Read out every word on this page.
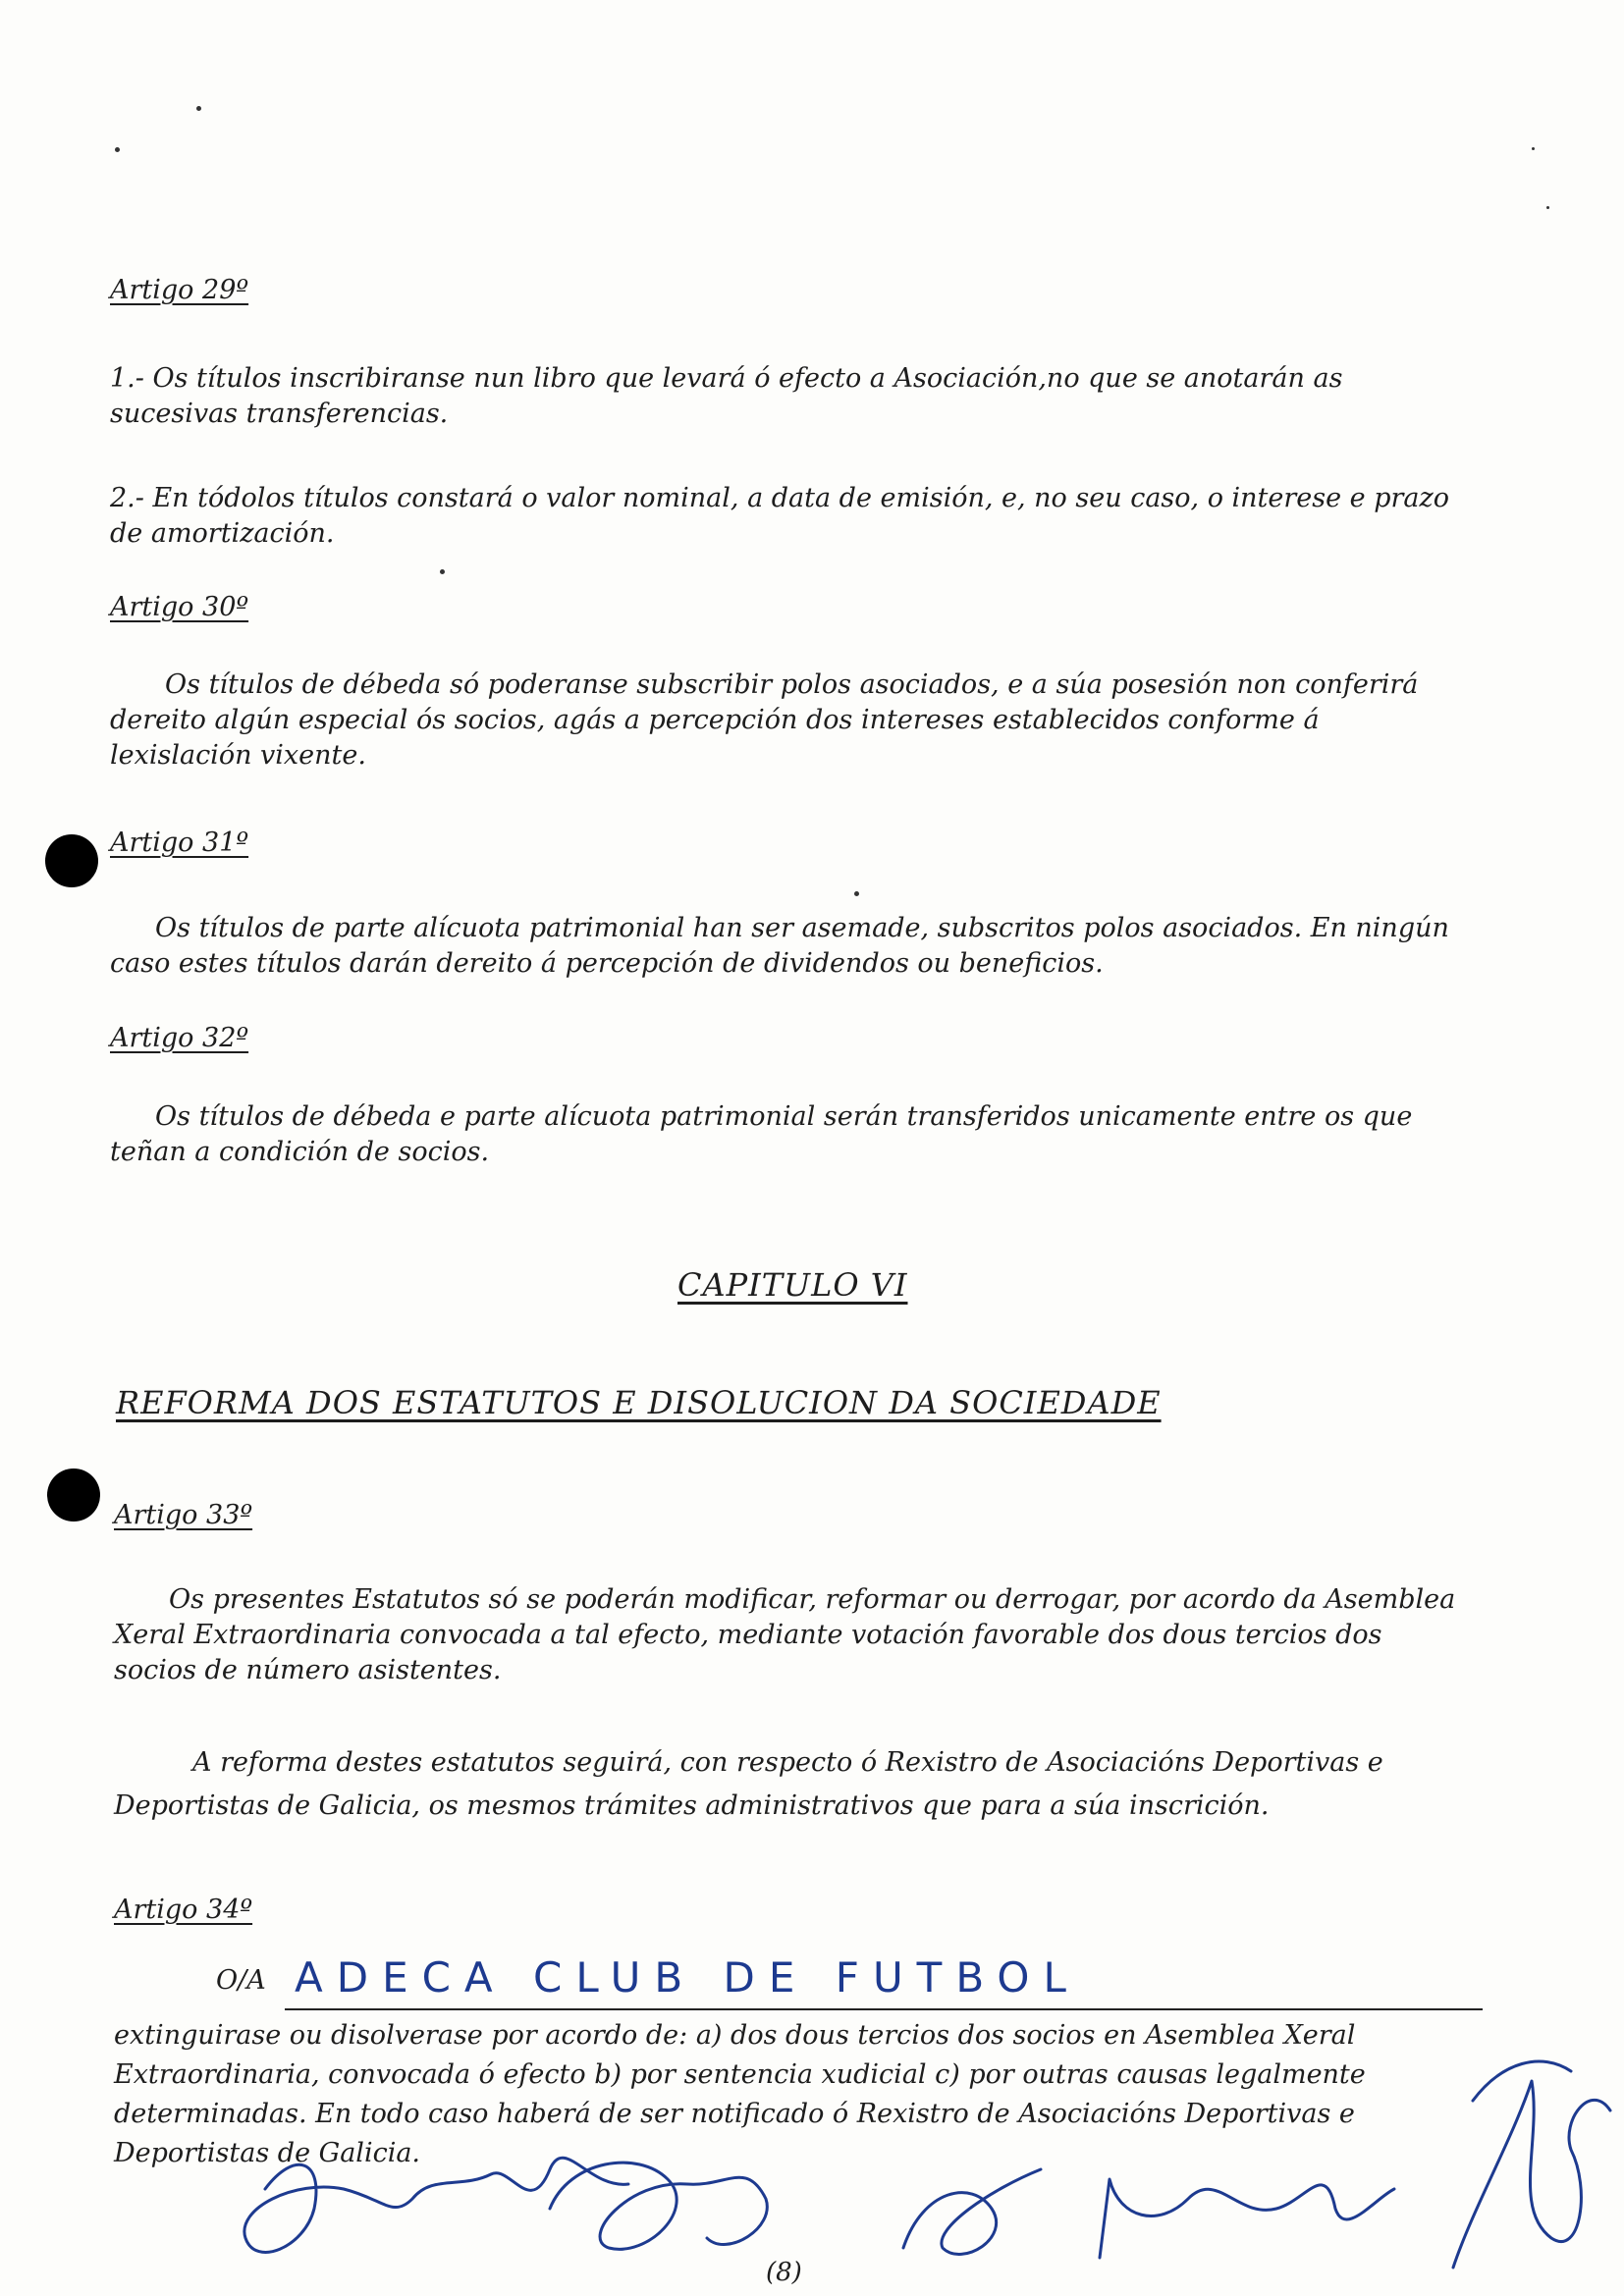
Artigo 29º
1.- Os títulos inscribiranse nun libro que levará ó efecto a Asociación,no que se anotarán as sucesivas transferencias.
2.- En tódolos títulos constará o valor nominal, a data de emisión, e, no seu caso, o interese e prazo de amortización.
Artigo 30º
Os títulos de débeda só poderanse subscribir polos asociados, e a súa posesión non conferirá dereito algún especial ós socios, agás a percepción dos intereses establecidos conforme á lexislación vixente.
Artigo 31º
Os títulos de parte alícuota patrimonial han ser asemade, subscritos polos asociados. En ningún caso estes títulos darán dereito á percepción de dividendos ou beneficios.
Artigo 32º
Os títulos de débeda e parte alícuota patrimonial serán transferidos unicamente entre os que teñan a condición de socios.
CAPITULO VI
REFORMA DOS ESTATUTOS E DISOLUCION DA SOCIEDADE
Artigo 33º
Os presentes Estatutos só se poderán modificar, reformar ou derrogar, por acordo da Asemblea Xeral Extraordinaria convocada a tal efecto, mediante votación favorable dos dous tercios dos socios de número asistentes.
A reforma destes estatutos seguirá, con respecto ó Rexistro de Asociacións Deportivas e Deportistas de Galicia, os mesmos trámites administrativos que para a súa inscrición.
Artigo 34º
O/A ADECA CLUB DE FUTBOL
extinguirase ou disolverase por acordo de: a) dos dous tercios dos socios en Asemblea Xeral Extraordinaria, convocada ó efecto b) por sentencia xudicial c) por outras causas legalmente determinadas. En todo caso haberá de ser notificado ó Rexistro de Asociacións Deportivas e Deportistas de Galicia.
(8)
